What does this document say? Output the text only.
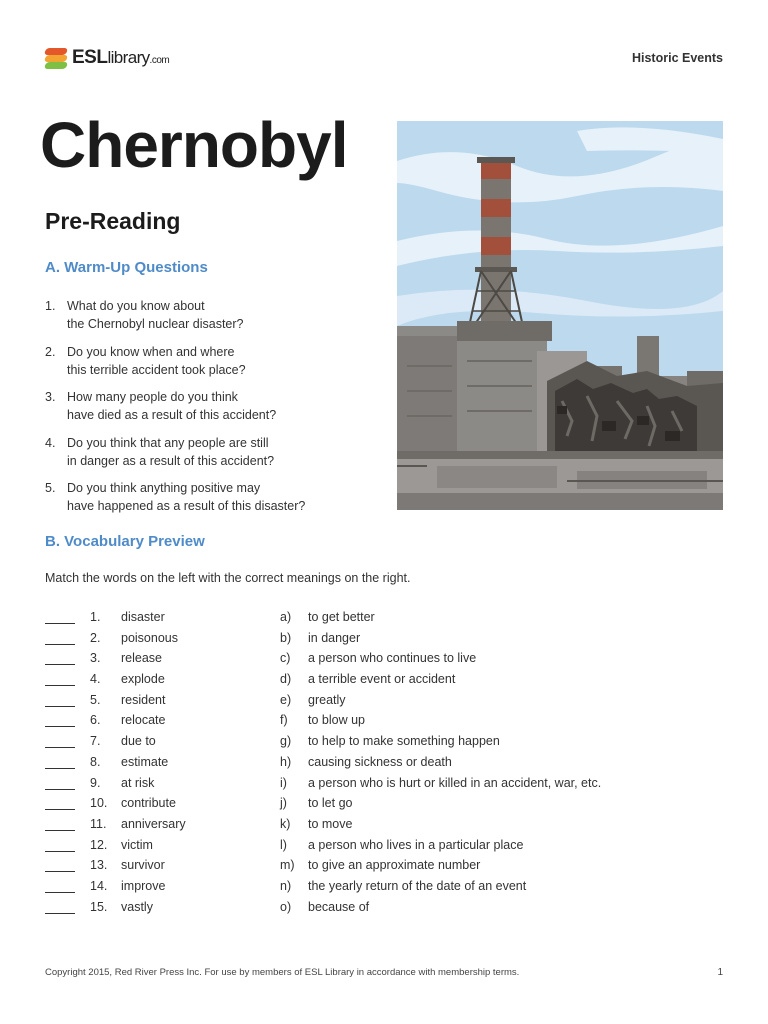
ESLlibrary.com	Historic Events
Chernobyl
Pre-Reading
A. Warm-Up Questions
1. What do you know about
the Chernobyl nuclear disaster?
2. Do you know when and where
this terrible accident took place?
3. How many people do you think
have died as a result of this accident?
4. Do you think that any people are still
in danger as a result of this accident?
5. Do you think anything positive may
have happened as a result of this disaster?
B. Vocabulary Preview
Match the words on the left with the correct meanings on the right.
1. disaster	a) to get better
2. poisonous	b) in danger
3. release	c) a person who continues to live
4. explode	d) a terrible event or accident
5. resident	e) greatly
6. relocate	f) to blow up
7. due to	g) to help to make something happen
8. estimate	h) causing sickness or death
9. at risk	i) a person who is hurt or killed in an accident, war, etc.
10. contribute	j) to let go
11. anniversary	k) to move
12. victim	l) a person who lives in a particular place
13. survivor	m) to give an approximate number
14. improve	n) the yearly return of the date of an event
15. vastly	o) because of
Copyright 2015, Red River Press Inc. For use by members of ESL Library in accordance with membership terms.	1
